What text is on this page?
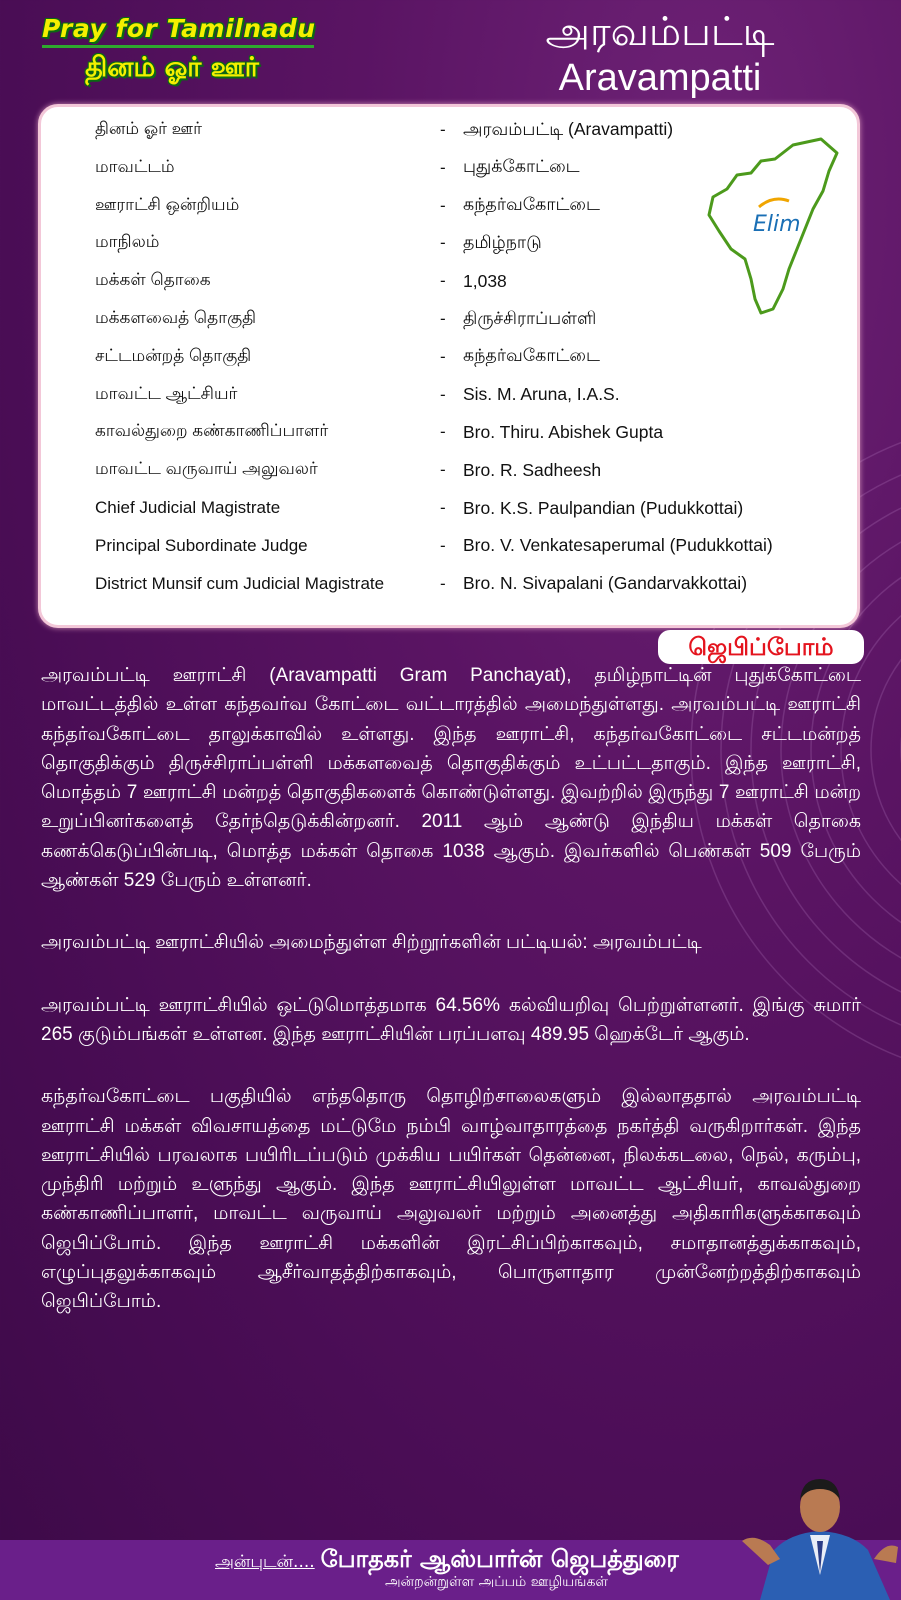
Pray for Tamilnadu
தினம் ஓர் ஊர்
அரவம்பட்டி
Aravampatti
தினம் ஓர் ஊர்	- அரவம்பட்டி (Aravampatti)
மாவட்டம்	- புதுக்கோட்டை
ஊராட்சி ஒன்றியம்	- கந்தர்வகோட்டை
மாநிலம்	- தமிழ்நாடு
மக்கள் தொகை	- 1,038
மக்களவைத் தொகுதி	- திருச்சிராப்பள்ளி
சட்டமன்றத் தொகுதி	- கந்தர்வகோட்டை
மாவட்ட ஆட்சியர்	- Sis. M. Aruna, I.A.S.
காவல்துறை கண்காணிப்பாளர்	- Bro. Thiru. Abishek Gupta
மாவட்ட வருவாய் அலுவலர்	- Bro. R. Sadheesh
Chief Judicial Magistrate	- Bro. K.S. Paulpandian (Pudukkottai)
Principal Subordinate Judge	- Bro. V. Venkatesaperumal (Pudukkottai)
District Munsif cum Judicial Magistrate	- Bro. N. Sivapalani (Gandarvakkottai)
Elim
ஜெபிப்போம்

அரவம்பட்டி ஊராட்சி (Aravampatti Gram Panchayat), தமிழ்நாட்டின் புதுக்கோட்டை மாவட்டத்தில் உள்ள கந்தவர்வ கோட்டை வட்டாரத்தில் அமைந்துள்ளது. அரவம்பட்டி ஊராட்சி கந்தர்வகோட்டை தாலுக்காவில் உள்ளது. இந்த ஊராட்சி, கந்தர்வகோட்டை சட்டமன்றத் தொகுதிக்கும் திருச்சிராப்பள்ளி மக்களவைத் தொகுதிக்கும் உட்பட்டதாகும். இந்த ஊராட்சி, மொத்தம் 7 ஊராட்சி மன்றத் தொகுதிகளைக் கொண்டுள்ளது. இவற்றில் இருந்து 7 ஊராட்சி மன்ற உறுப்பினர்களைத் தேர்ந்தெடுக்கின்றனர். 2011 ஆம் ஆண்டு இந்திய மக்கள் தொகை கணக்கெடுப்பின்படி, மொத்த மக்கள் தொகை 1038 ஆகும். இவர்களில் பெண்கள் 509 பேரும் ஆண்கள் 529 பேரும் உள்ளனர்.

அரவம்பட்டி ஊராட்சியில் அமைந்துள்ள சிற்றூர்களின் பட்டியல்: அரவம்பட்டி

அரவம்பட்டி ஊராட்சியில் ஒட்டுமொத்தமாக 64.56% கல்வியறிவு பெற்றுள்ளனர். இங்கு சுமார் 265 குடும்பங்கள் உள்ளன. இந்த ஊராட்சியின் பரப்பளவு 489.95 ஹெக்டேர் ஆகும்.

கந்தர்வகோட்டை பகுதியில் எந்ததொரு தொழிற்சாலைகளும் இல்லாததால் அரவம்பட்டி ஊராட்சி மக்கள் விவசாயத்தை மட்டுமே நம்பி வாழ்வாதாரத்தை நகர்த்தி வருகிறார்கள். இந்த ஊராட்சியில் பரவலாக பயிரிடப்படும் முக்கிய பயிர்கள் தென்னை, நிலக்கடலை, நெல், கரும்பு, முந்திரி மற்றும் உளுந்து ஆகும். இந்த ஊராட்சியிலுள்ள மாவட்ட ஆட்சியர், காவல்துறை கண்காணிப்பாளர், மாவட்ட வருவாய் அலுவலர் மற்றும் அனைத்து அதிகாரிகளுக்காகவும் ஜெபிப்போம். இந்த ஊராட்சி மக்களின் இரட்சிப்பிற்காகவும், சமாதானத்துக்காகவும், எழுப்புதலுக்காகவும் ஆசீர்வாதத்திற்காகவும், பொருளாதார முன்னேற்றத்திற்காகவும் ஜெபிப்போம்.

அன்புடன்.... போதகர் ஆஸ்பார்ன் ஜெபத்துரை
அன்றன்றுள்ள அப்பம் ஊழியங்கள்
